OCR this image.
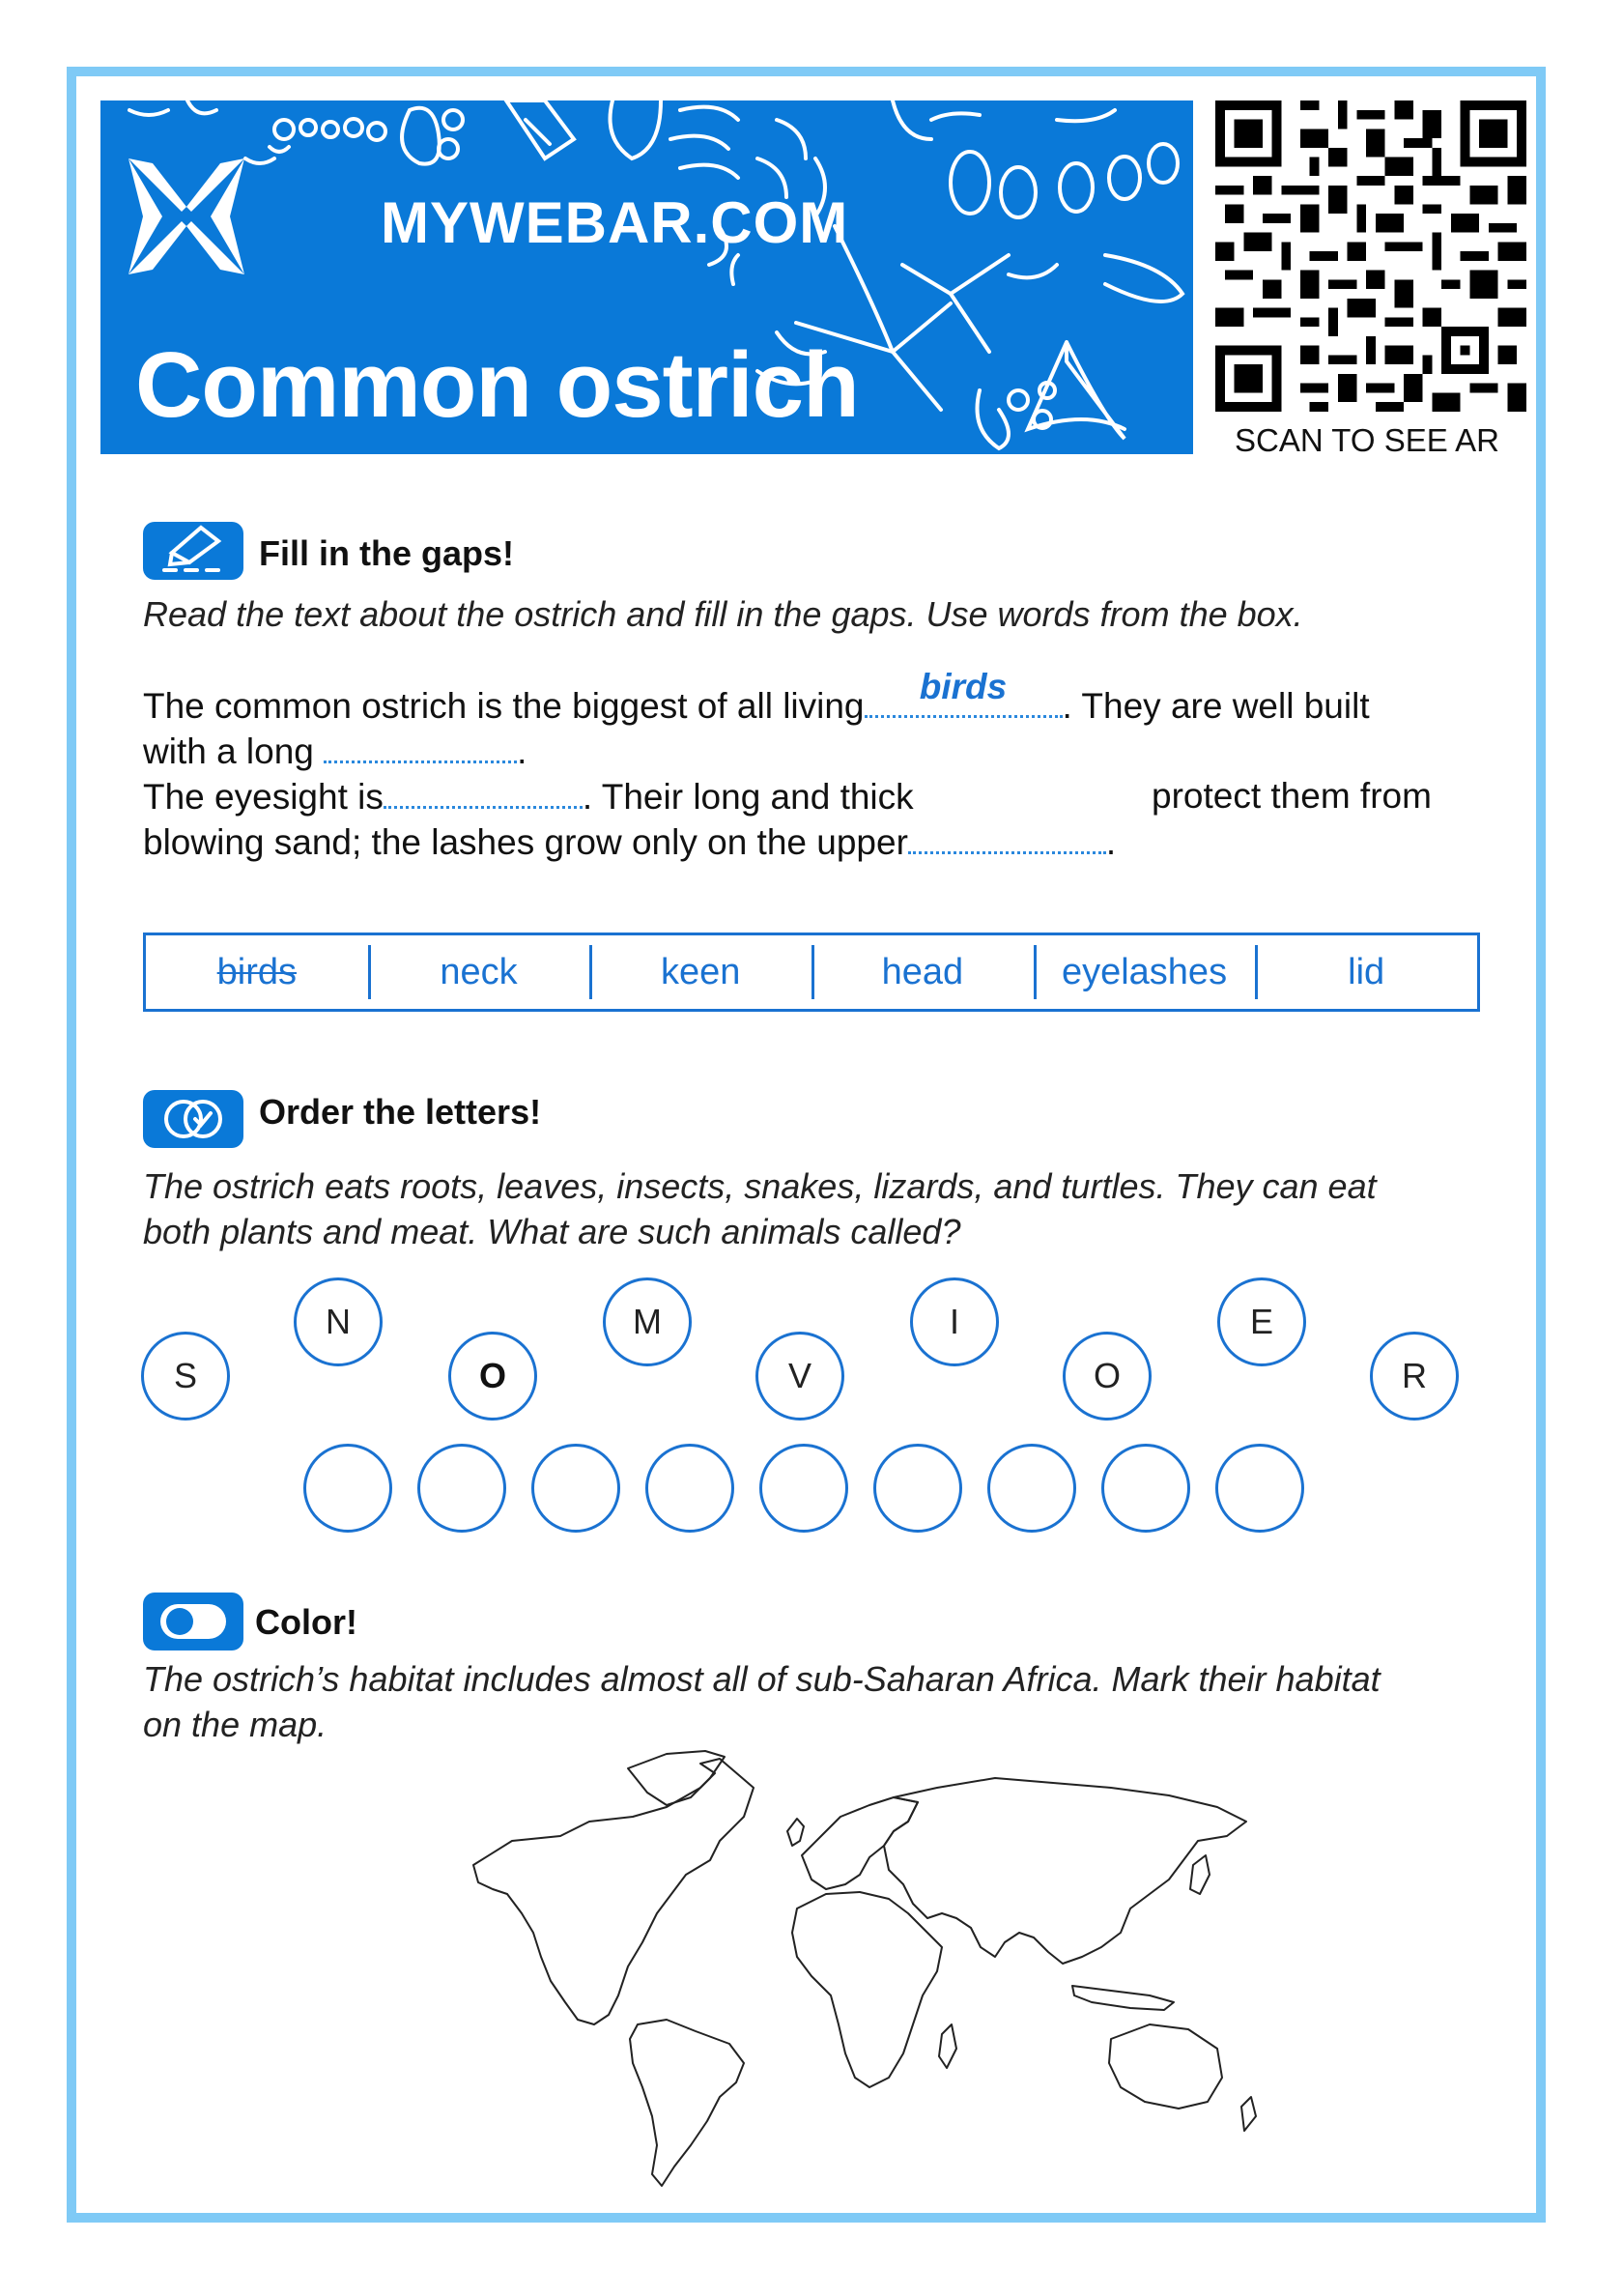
MYWEBAR.COM
Common ostrich
SCAN TO SEE AR
Fill in the gaps!
Read the text about the ostrich and fill in the gaps. Use words from the box.
The common ostrich is the biggest of all living	birds	. They are well built
with a long	.
The eyesight is	. Their long and thick	protect them from
blowing sand; the lashes grow only on the upper	.
birds	neck	keen	head	eyelashes	lid
Order the letters!
The ostrich eats roots, leaves, insects, snakes, lizards, and turtles. They can eat
both plants and meat. What are such animals called?
S
N
O
M
V
I
O
E
R
Color!
The ostrich’s habitat includes almost all of sub-Saharan Africa. Mark their habitat
on the map.
